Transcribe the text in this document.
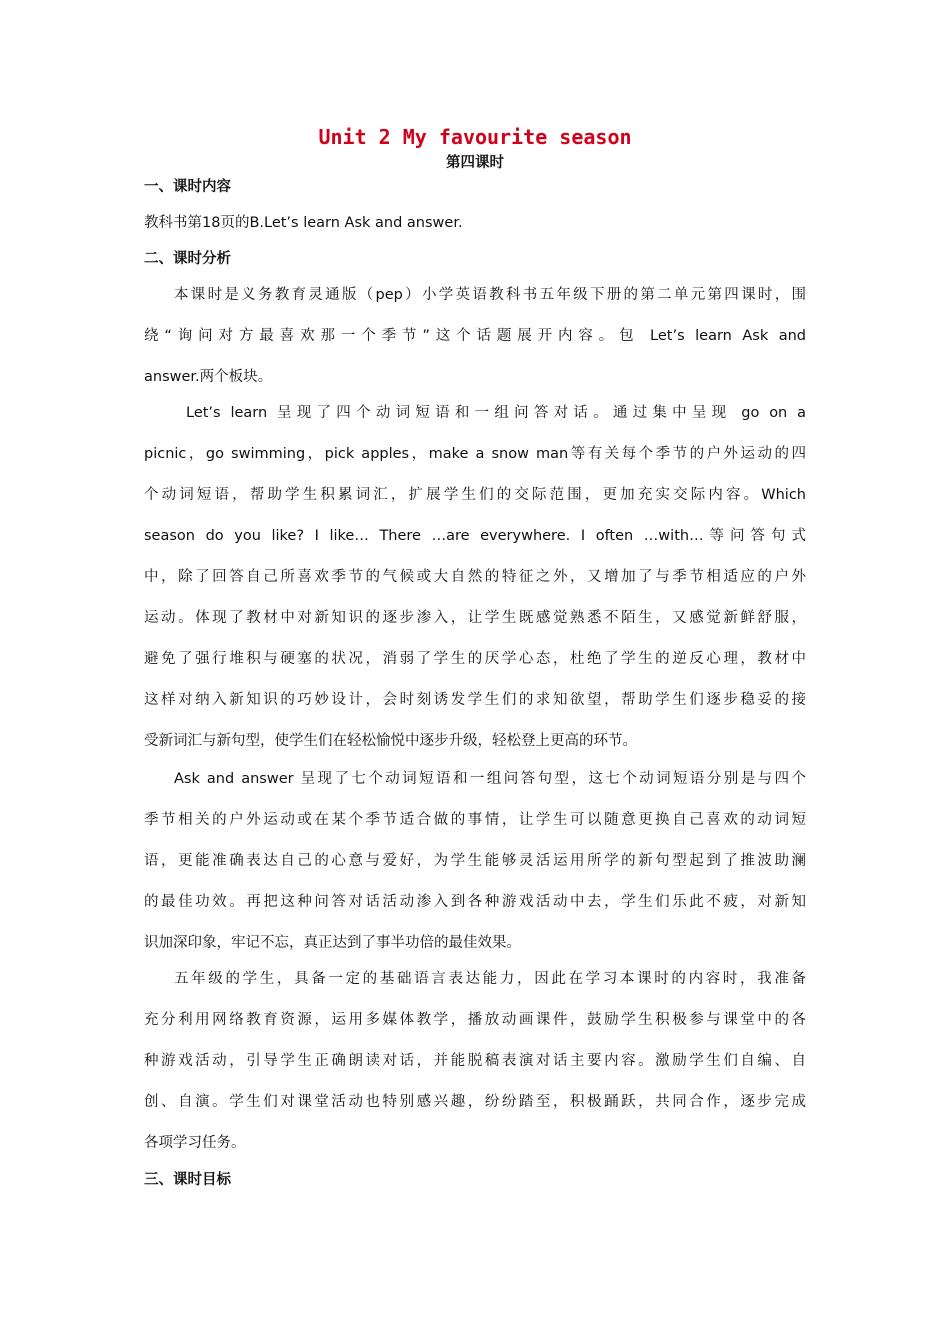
Unit 2 My favourite season
第四课时
一、课时内容
教科书第18页的B.Let’s learn Ask and answer.
二、课时分析
本课时是义务教育灵通版（pep）小学英语教科书五年级下册的第二单元第四课时，围
绕“询问对方最喜欢那一个季节”这个话题展开内容。包 Let’s learn Ask and
answer.两个板块。
Let’s learn 呈现了四个动词短语和一组问答对话。通过集中呈现 go on a
picnic，go swimming，pick apples，make a snow man等有关每个季节的户外运动的四
个动词短语，帮助学生积累词汇，扩展学生们的交际范围，更加充实交际内容。Which
season do you like? I like… There …are everywhere. I often …with…等问答句式
中，除了回答自己所喜欢季节的气候或大自然的特征之外，又增加了与季节相适应的户外
运动。体现了教材中对新知识的逐步渗入，让学生既感觉熟悉不陌生，又感觉新鲜舒服，
避免了强行堆积与硬塞的状况，消弱了学生的厌学心态，杜绝了学生的逆反心理，教材中
这样对纳入新知识的巧妙设计，会时刻诱发学生们的求知欲望，帮助学生们逐步稳妥的接
受新词汇与新句型，使学生们在轻松愉悦中逐步升级，轻松登上更高的环节。
Ask and answer 呈现了七个动词短语和一组问答句型，这七个动词短语分别是与四个
季节相关的户外运动或在某个季节适合做的事情，让学生可以随意更换自己喜欢的动词短
语，更能准确表达自己的心意与爱好，为学生能够灵活运用所学的新句型起到了推波助澜
的最佳功效。再把这种问答对话活动渗入到各种游戏活动中去，学生们乐此不疲，对新知
识加深印象，牢记不忘，真正达到了事半功倍的最佳效果。
五年级的学生，具备一定的基础语言表达能力，因此在学习本课时的内容时，我准备
充分利用网络教育资源，运用多媒体教学，播放动画课件，鼓励学生积极参与课堂中的各
种游戏活动，引导学生正确朗读对话，并能脱稿表演对话主要内容。激励学生们自编、自
创、自演。学生们对课堂活动也特别感兴趣，纷纷踏至，积极踊跃，共同合作，逐步完成
各项学习任务。
三、课时目标
